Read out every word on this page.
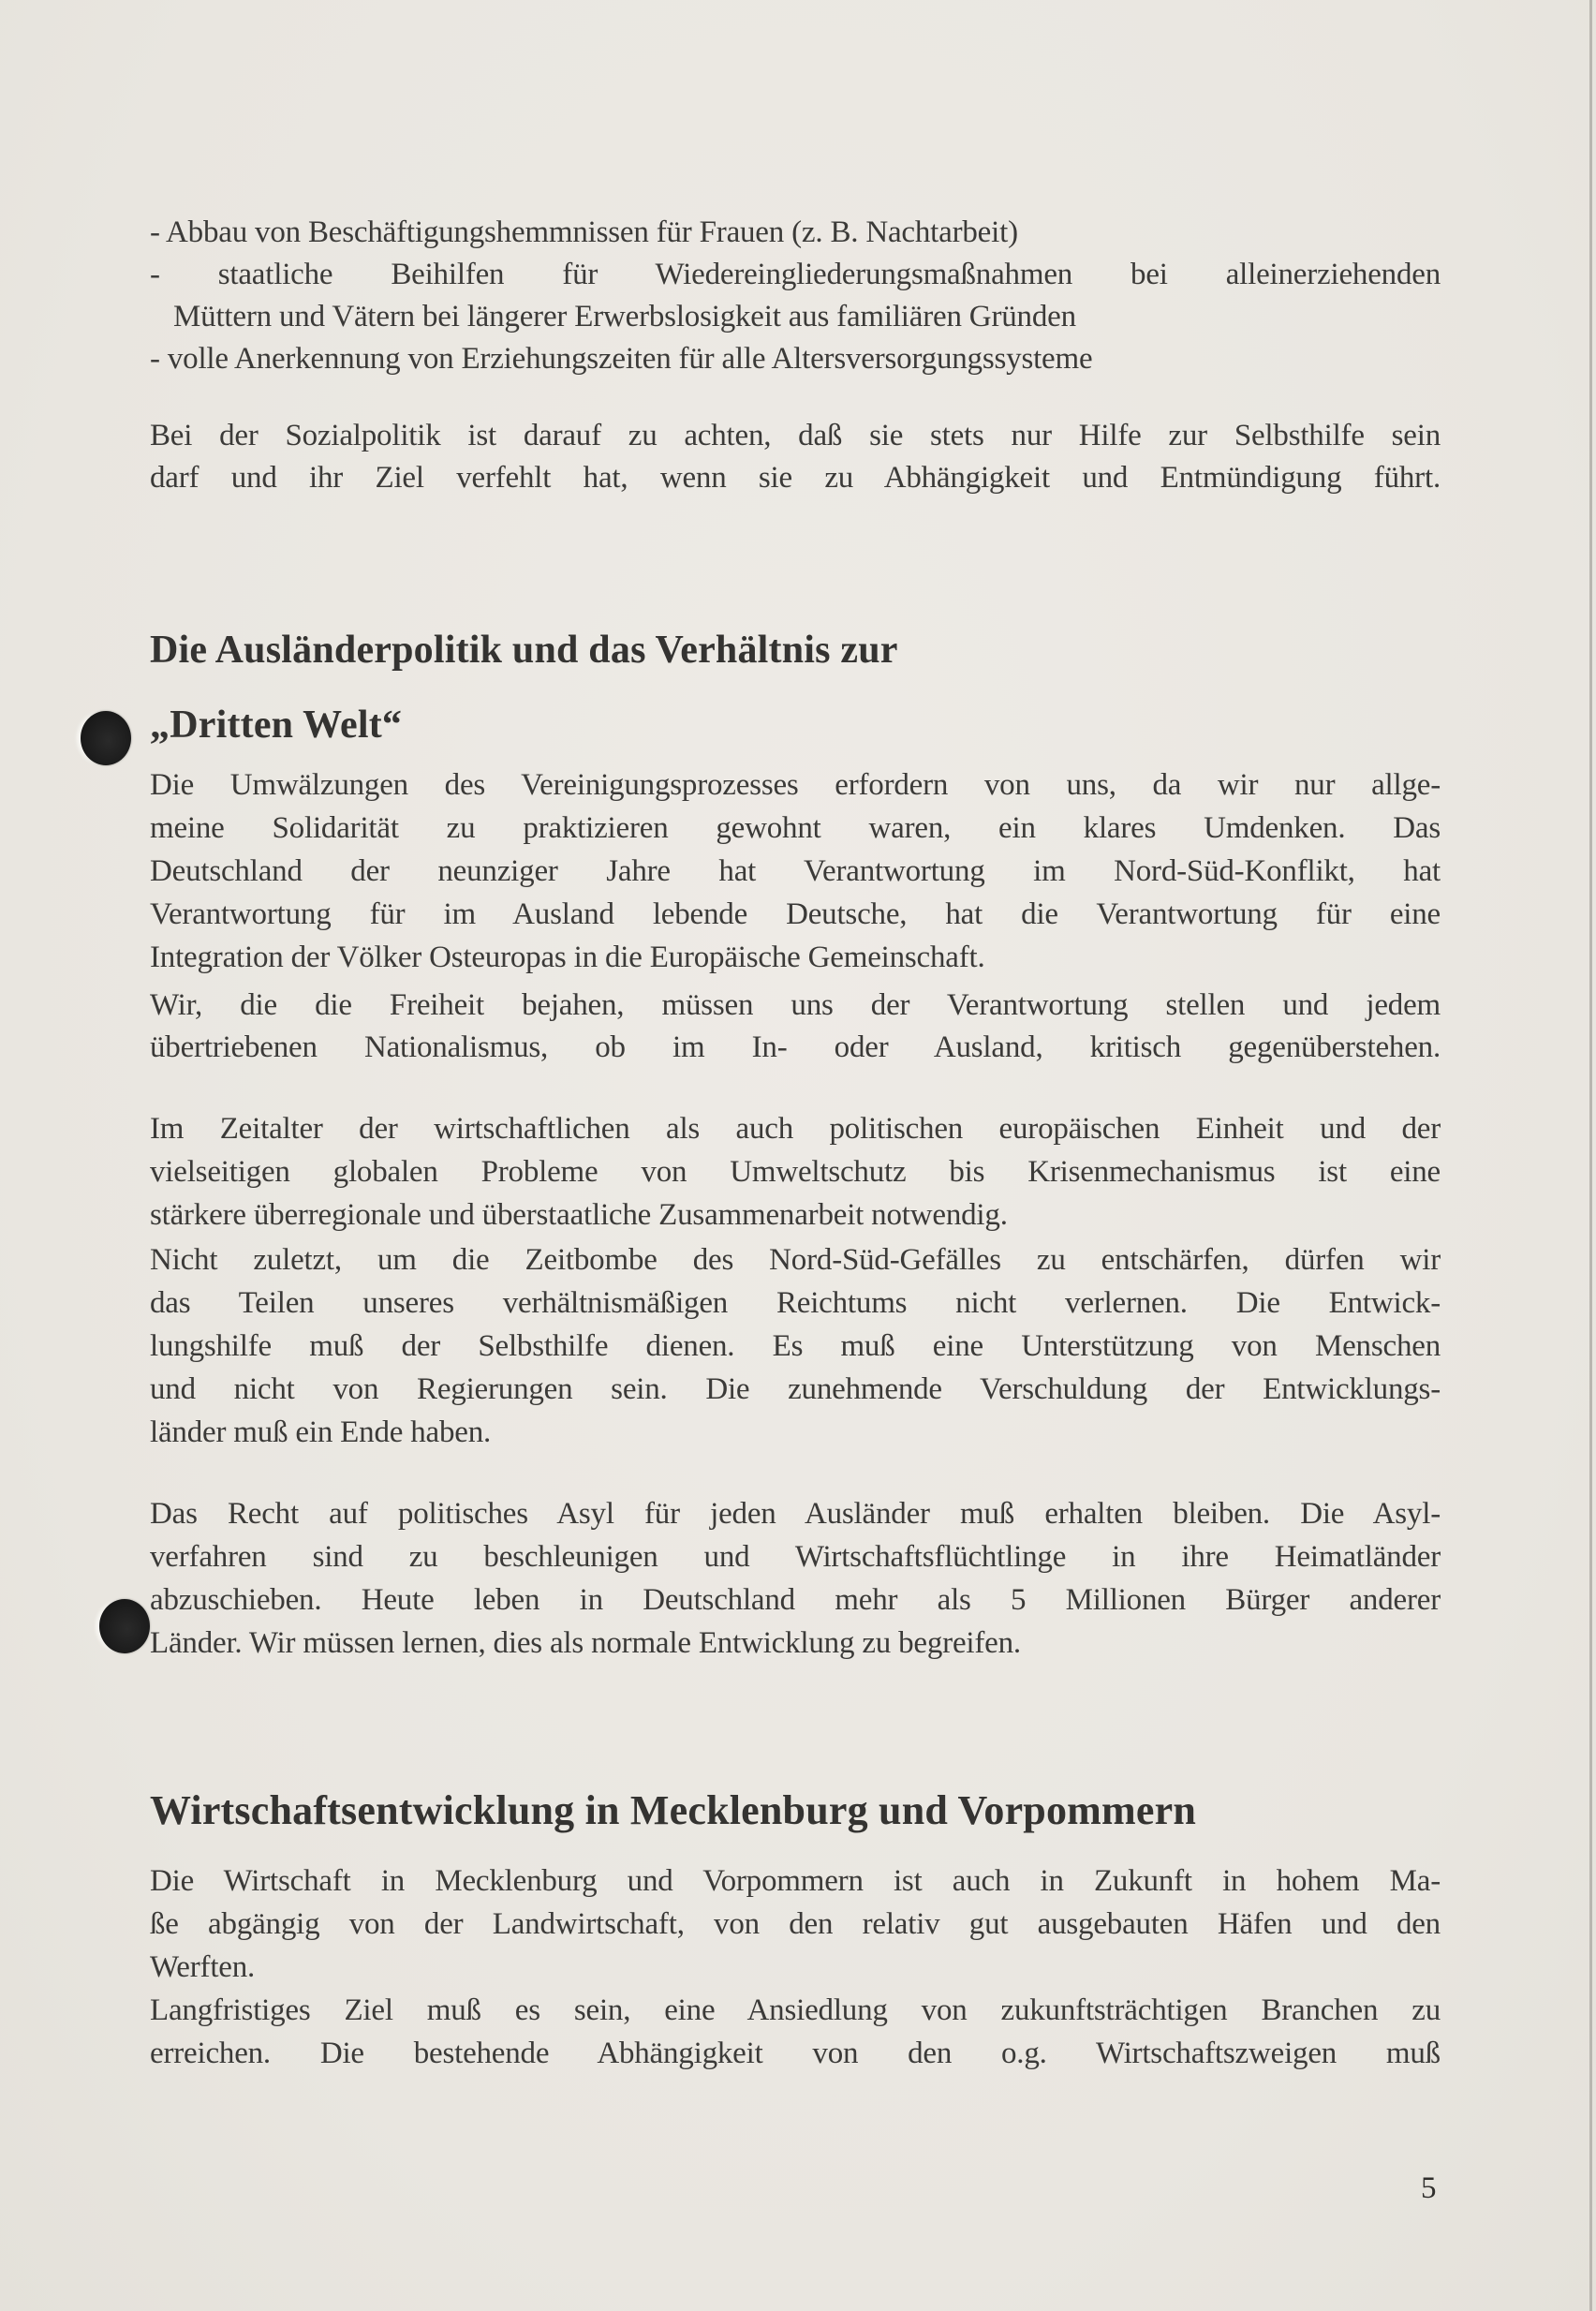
- Abbau von Beschäftigungshemmnissen für Frauen (z. B. Nachtarbeit)
- staatliche Beihilfen für Wiedereingliederungsmaßnahmen bei alleinerziehenden
Müttern und Vätern bei längerer Erwerbslosigkeit aus familiären Gründen
- volle Anerkennung von Erziehungszeiten für alle Altersversorgungssysteme
Bei der Sozialpolitik ist darauf zu achten, daß sie stets nur Hilfe zur Selbsthilfe sein
darf und ihr Ziel verfehlt hat, wenn sie zu Abhängigkeit und Entmündigung führt.
Die Ausländerpolitik und das Verhältnis zur
„Dritten Welt“
Die Umwälzungen des Vereinigungsprozesses erfordern von uns, da wir nur allge-
meine Solidarität zu praktizieren gewohnt waren, ein klares Umdenken. Das
Deutschland der neunziger Jahre hat Verantwortung im Nord-Süd-Konflikt, hat
Verantwortung für im Ausland lebende Deutsche, hat die Verantwortung für eine
Integration der Völker Osteuropas in die Europäische Gemeinschaft.
Wir, die die Freiheit bejahen, müssen uns der Verantwortung stellen und jedem
übertriebenen Nationalismus, ob im In- oder Ausland, kritisch gegenüberstehen.
Im Zeitalter der wirtschaftlichen als auch politischen europäischen Einheit und der
vielseitigen globalen Probleme von Umweltschutz bis Krisenmechanismus ist eine
stärkere überregionale und überstaatliche Zusammenarbeit notwendig.
Nicht zuletzt, um die Zeitbombe des Nord-Süd-Gefälles zu entschärfen, dürfen wir
das Teilen unseres verhältnismäßigen Reichtums nicht verlernen. Die Entwick-
lungshilfe muß der Selbsthilfe dienen. Es muß eine Unterstützung von Menschen
und nicht von Regierungen sein. Die zunehmende Verschuldung der Entwicklungs-
länder muß ein Ende haben.
Das Recht auf politisches Asyl für jeden Ausländer muß erhalten bleiben. Die Asyl-
verfahren sind zu beschleunigen und Wirtschaftsflüchtlinge in ihre Heimatländer
abzuschieben. Heute leben in Deutschland mehr als 5 Millionen Bürger anderer
Länder. Wir müssen lernen, dies als normale Entwicklung zu begreifen.
Wirtschaftsentwicklung in Mecklenburg und Vorpommern
Die Wirtschaft in Mecklenburg und Vorpommern ist auch in Zukunft in hohem Ma-
ße abgängig von der Landwirtschaft, von den relativ gut ausgebauten Häfen und den
Werften.
Langfristiges Ziel muß es sein, eine Ansiedlung von zukunftsträchtigen Branchen zu
erreichen. Die bestehende Abhängigkeit von den o.g. Wirtschaftszweigen muß
5
